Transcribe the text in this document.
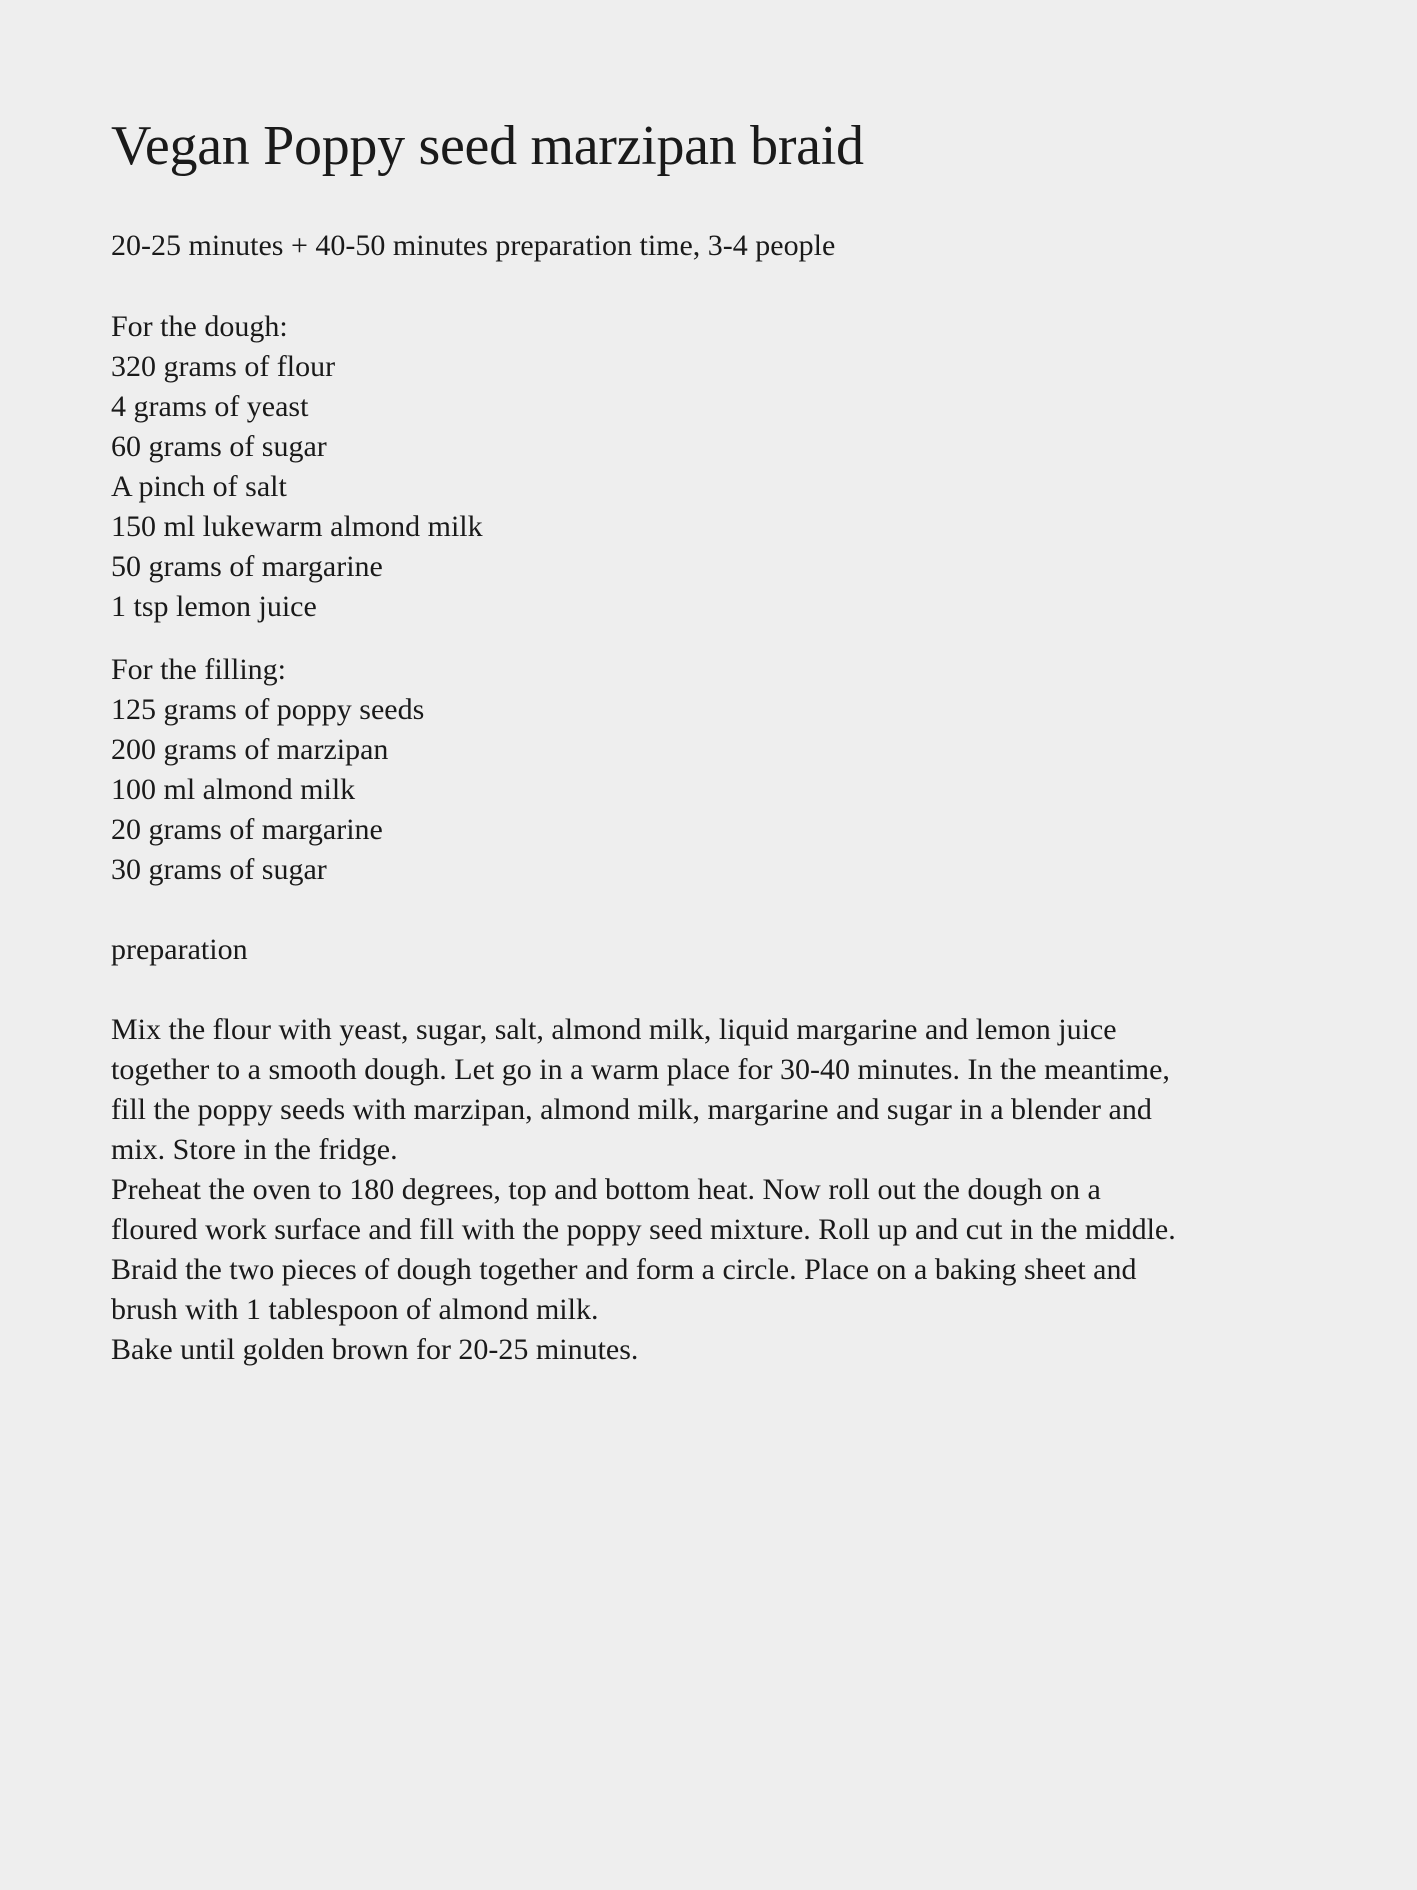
Vegan Poppy seed marzipan braid
20-25 minutes + 40-50 minutes preparation time, 3-4 people
For the dough:
320 grams of flour
4 grams of yeast
60 grams of sugar
A pinch of salt
150 ml lukewarm almond milk
50 grams of margarine
1 tsp lemon juice
For the filling:
125 grams of poppy seeds
200 grams of marzipan
100 ml almond milk
20 grams of margarine
30 grams of sugar
preparation
Mix the flour with yeast, sugar, salt, almond milk, liquid margarine and lemon juice
together to a smooth dough. Let go in a warm place for 30-40 minutes. In the meantime,
fill the poppy seeds with marzipan, almond milk, margarine and sugar in a blender and
mix. Store in the fridge.
Preheat the oven to 180 degrees, top and bottom heat. Now roll out the dough on a
floured work surface and fill with the poppy seed mixture. Roll up and cut in the middle.
Braid the two pieces of dough together and form a circle. Place on a baking sheet and
brush with 1 tablespoon of almond milk.
Bake until golden brown for 20-25 minutes.
